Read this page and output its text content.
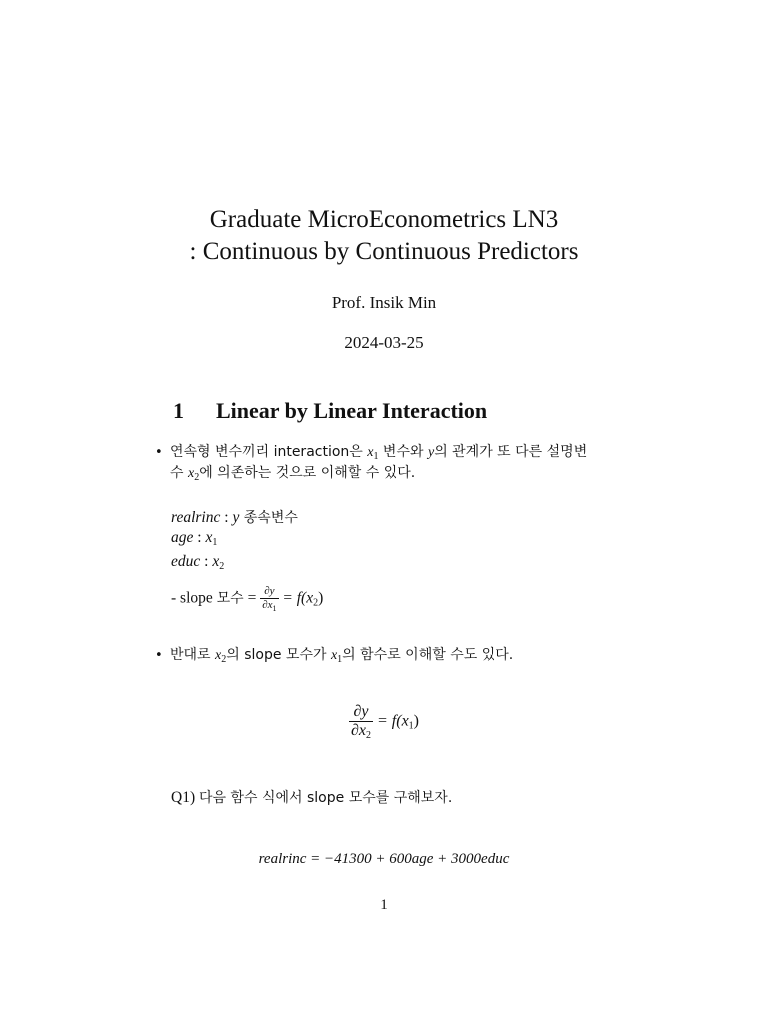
Graduate MicroEconometrics LN3
: Continuous by Continuous Predictors
Prof. Insik Min
2024-03-25
1 Linear by Linear Interaction
• 연속형 변수끼리 interaction은 $x_1$ 변수와 y의 관계가 또 다른 설명변
수 $x_2$에 의존하는 것으로 이해할 수 있다.
realrinc : y 종속변수
age : $x_1$
educ : $x_2$
- slope 모수 = $\frac{\partial y}{\partial x_1} = f(x_2)$
• 반대로 $x_2$의 slope 모수가 $x_1$의 함수로 이해할 수도 있다.
$\frac{\partial y}{\partial x_2} = f(x_1)$
Q1) 다음 함수 식에서 slope 모수를 구해보자.
realrinc = −41300 + 600age + 3000educ
1
